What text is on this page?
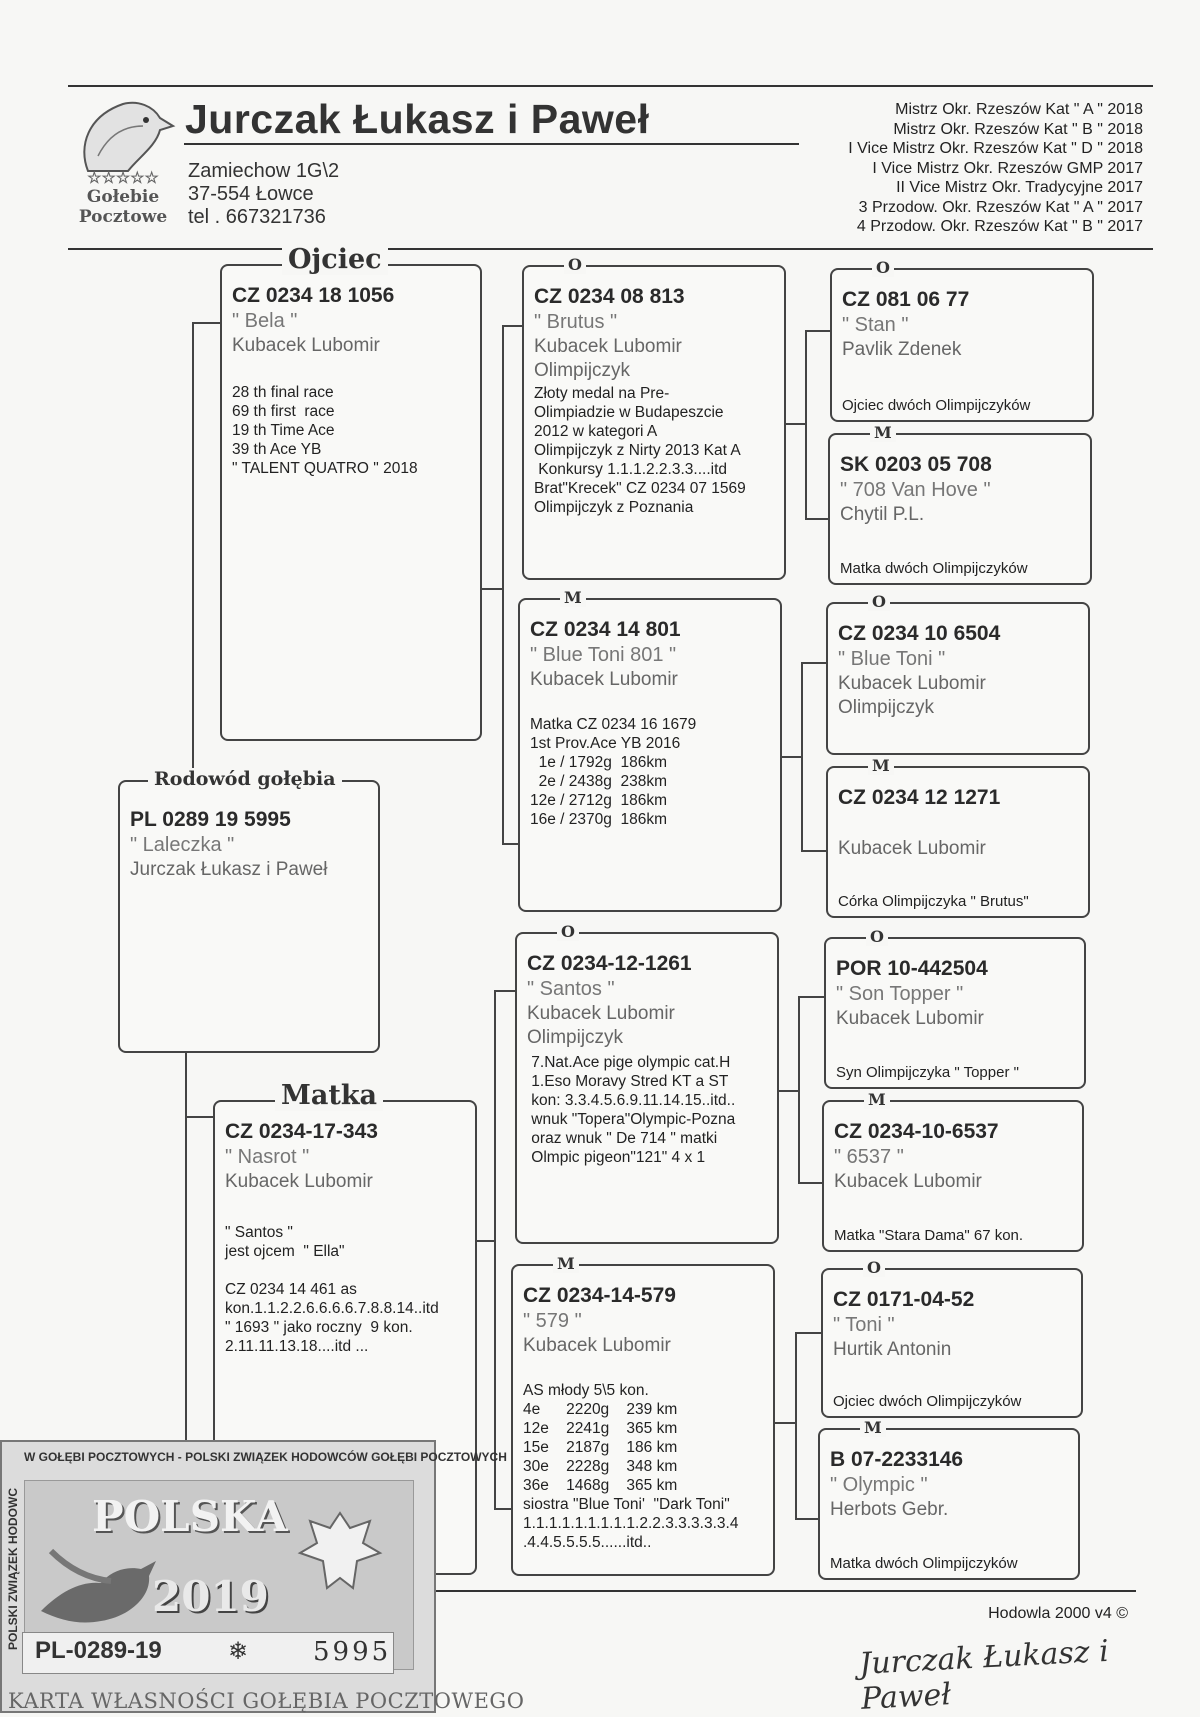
☆☆☆☆☆
Gołebie
Pocztowe
Jurczak Łukasz i Paweł
Zamiechow 1G\2
37-554 Łowce
tel . 667321736
Mistrz Okr. Rzeszów Kat " A " 2018
Mistrz Okr. Rzeszów Kat " B " 2018
I Vice Mistrz Okr. Rzeszów Kat " D " 2018
I Vice Mistrz Okr. Rzeszów GMP 2017
II Vice Mistrz Okr. Tradycyjne 2017
3 Przodow. Okr. Rzeszów Kat " A " 2017
4 Przodow. Okr. Rzeszów Kat " B " 2017
Rodowód gołębia
PL 0289 19 5995
" Laleczka "
Jurczak Łukasz i Paweł
Ojciec
CZ 0234 18 1056
" Bela "
Kubacek Lubomir
28 th final race
69 th first  race
19 th Time Ace
39 th Ace YB
" TALENT QUATRO " 2018
Matka
CZ 0234-17-343
" Nasrot "
Kubacek Lubomir
" Santos "
jest ojcem  " Ella"

CZ 0234 14 461 as
kon.1.1.2.2.6.6.6.6.7.8.8.14..itd
" 1693 " jako roczny  9 kon.
2.11.11.13.18....itd ...
O
CZ 0234 08 813
" Brutus "
Kubacek Lubomir
Olimpijczyk
Złoty medal na Pre-
Olimpiadzie w Budapeszcie
2012 w kategori A
Olimpijczyk z Nirty 2013 Kat A
Konkursy 1.1.1.2.2.3.3....itd
Brat"Krecek" CZ 0234 07 1569
Olimpijczyk z Poznania
M
CZ 0234 14 801
" Blue Toni 801 "
Kubacek Lubomir
Matka CZ 0234 16 1679
1st Prov.Ace YB 2016
1e / 1792g  186km
2e / 2438g  238km
12e / 2712g  186km
16e / 2370g  186km
O
CZ 0234-12-1261
" Santos "
Kubacek Lubomir
Olimpijczyk
7.Nat.Ace pige olympic cat.H
1.Eso Moravy Stred KT a ST
kon: 3.3.4.5.6.9.11.14.15..itd..
wnuk "Topera"Olympic-Pozna
oraz wnuk " De 714 " matki
Olmpic pigeon"121" 4 x 1
M
CZ 0234-14-579
" 579 "
Kubacek Lubomir
AS młody 5\5 kon.
4e      2220g    239 km
12e    2241g    365 km
15e    2187g    186 km
30e    2228g    348 km
36e    1468g    365 km
siostra "Blue Toni'  "Dark Toni"
1.1.1.1.1.1.1.1.1.2.2.3.3.3.3.3.4
.4.4.5.5.5.5......itd..
O
CZ 081 06 77
" Stan "
Pavlik Zdenek
Ojciec dwóch Olimpijczyków
M
SK 0203 05 708
" 708 Van Hove "
Chytil P.L.
Matka dwóch Olimpijczyków
O
CZ 0234 10 6504
" Blue Toni "
Kubacek Lubomir
Olimpijczyk
M
CZ 0234 12 1271
Kubacek Lubomir
Córka Olimpijczyka " Brutus"
O
POR 10-442504
" Son Topper "
Kubacek Lubomir
Syn Olimpijczyka " Topper "
M
CZ 0234-10-6537
" 6537 "
Kubacek Lubomir
Matka "Stara Dama" 67 kon.
O
CZ 0171-04-52
" Toni "
Hurtik Antonin
Ojciec dwóch Olimpijczyków
M
B 07-2233146
" Olympic "
Herbots Gebr.
Matka dwóch Olimpijczyków
Hodowla 2000 v4 ©
Jurczak Łukasz i Paweł
W GOŁĘBI POCZTOWYCH - POLSKI ZWIĄZEK HODOWCÓW GOŁĘBI POCZTOWYCH
POLSKI ZWIĄZEK HODOWC POLSKA
2019
PL-0289-19	❄ 5995
KARTA WŁASNOŚCI GOŁĘBIA POCZTOWEGO
